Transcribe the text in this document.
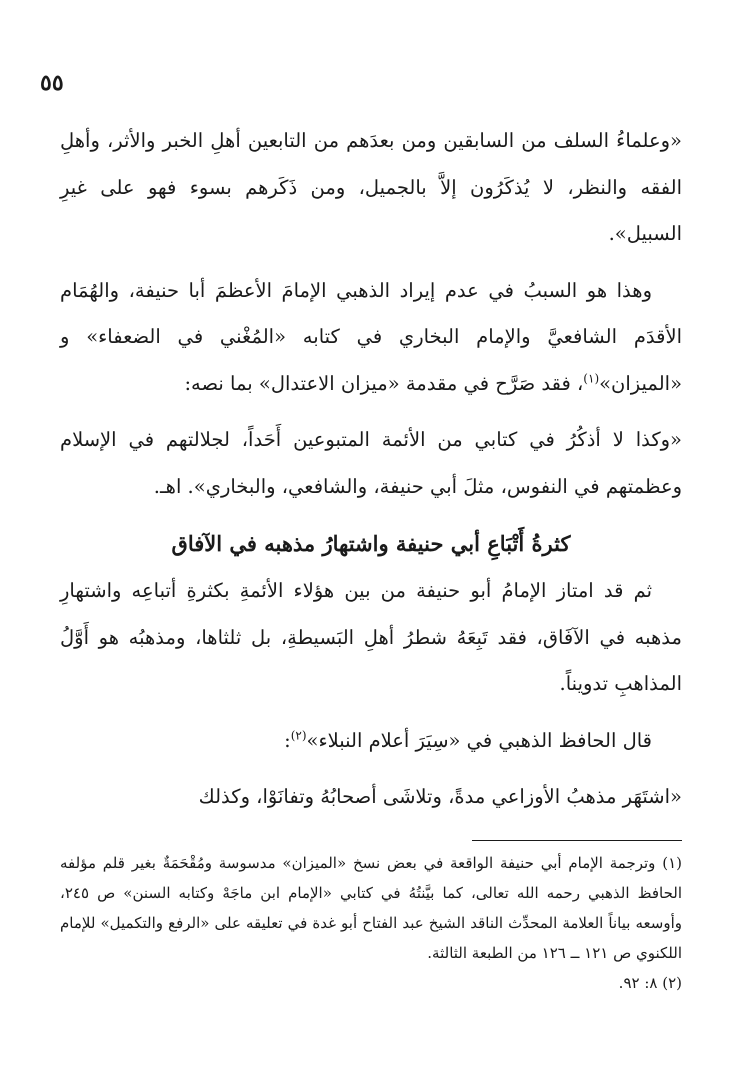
٥٥

«وعلماءُ السلف من السابقين ومن بعدَهم من التابعين أهلِ الخبر والأثر، وأهلِ الفقه والنظر، لا يُذكَرُون إلاَّ بالجميل، ومن ذَكَرهم بسوء فهو على غيرِ السبيل».

وهذا هو السببُ في عدم إيراد الذهبي الإمامَ الأعظمَ أبا حنيفة، والهُمَام الأقدَم الشافعيَّ والإمام البخاري في كتابه «المُغْني في الضعفاء» و «الميزان»$^{(١)}$، فقد صَرَّح في مقدمة «ميزان الاعتدال» بما نصه:

«وكذا لا أذكُرُ في كتابي من الأئمة المتبوعين أَحَداً، لجلالتهم في الإسلام وعظمتهم في النفوس، مثلَ أبي حنيفة، والشافعي، والبخاري». اهـ.

كثرةُ أَتْبَاعِ أبي حنيفة واشتهارُ مذهبه في الآفاق

ثم قد امتاز الإمامُ أبو حنيفة من بين هؤلاء الأئمةِ بكثرةِ أتباعِه واشتهارِ مذهبه في الآفَاق، فقد تَبِعَهُ شطرُ أهلِ البَسيطةِ، بل ثلثاها، ومذهبُه هو أَوَّلُ المذاهبِ تدويناً.

قال الحافظ الذهبي في «سِيَرَ أعلام النبلاء»$^{(٢)}$:

«اشتَهَر مذهبُ الأوزاعي مدةً، وتلاشَى أصحابُهُ وتفانَوْا، وكذلك

(١) وترجمة الإمام أبي حنيفة الواقعة في بعض نسخ «الميزان» مدسوسة ومُقْحَمَةٌ بغير قلم مؤلفه الحافظ الذهبي رحمه الله تعالى، كما بيَّنتُهُ في كتابي «الإمام ابن ماجَهْ وكتابه السنن» ص ٢٤٥، وأوسعه بياناً العلامة المحدِّث الناقد الشيخ عبد الفتاح أبو غدة في تعليقه على «الرفع والتكميل» للإمام اللكنوي ص ١٢١ ــ ١٢٦ من الطبعة الثالثة.

(٢) ٨: ٩٢.
